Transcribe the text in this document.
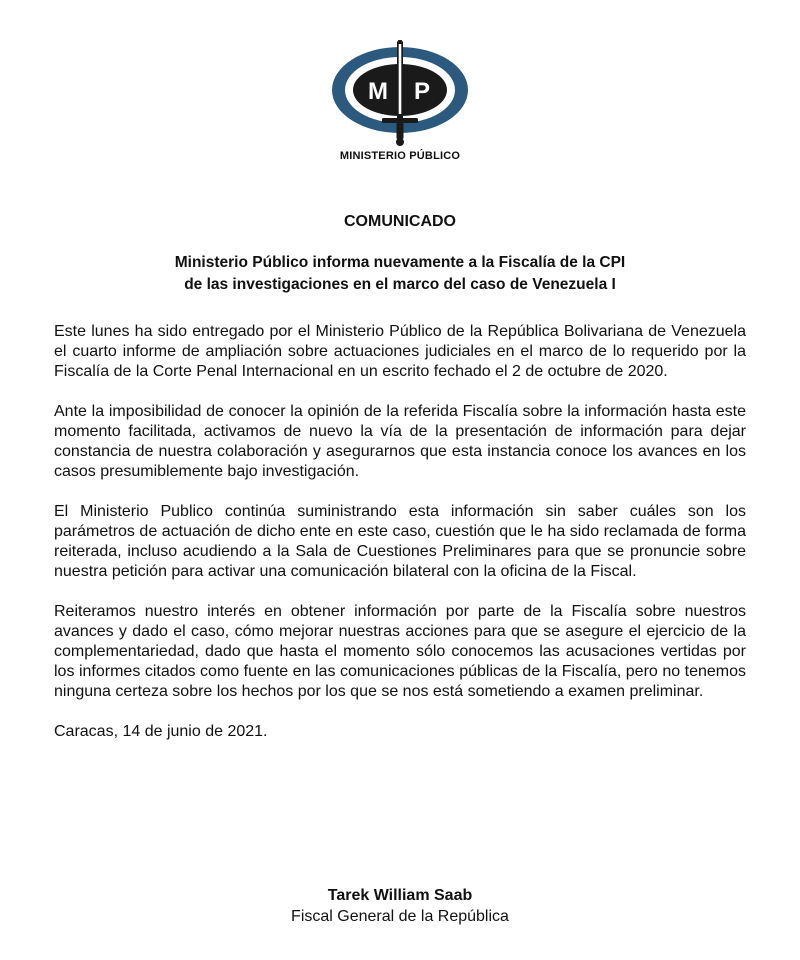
M P
MINISTERIO PÚBLICO
COMUNICADO
Ministerio Público informa nuevamente a la Fiscalía de la CPI
de las investigaciones en el marco del caso de Venezuela I

Este lunes ha sido entregado por el Ministerio Público de la República Bolivariana de Venezuela el cuarto informe de ampliación sobre actuaciones judiciales en el marco de lo requerido por la Fiscalía de la Corte Penal Internacional en un escrito fechado el 2 de octubre de 2020.

Ante la imposibilidad de conocer la opinión de la referida Fiscalía sobre la información hasta este momento facilitada, activamos de nuevo la vía de la presentación de información para dejar constancia de nuestra colaboración y asegurarnos que esta instancia conoce los avances en los casos presumiblemente bajo investigación.

El Ministerio Publico continúa suministrando esta información sin saber cuáles son los parámetros de actuación de dicho ente en este caso, cuestión que le ha sido reclamada de forma reiterada, incluso acudiendo a la Sala de Cuestiones Preliminares para que se pronuncie sobre nuestra petición para activar una comunicación bilateral con la oficina de la Fiscal.

Reiteramos nuestro interés en obtener información por parte de la Fiscalía sobre nuestros avances y dado el caso, cómo mejorar nuestras acciones para que se asegure el ejercicio de la complementariedad, dado que hasta el momento sólo conocemos las acusaciones vertidas por los informes citados como fuente en las comunicaciones públicas de la Fiscalía, pero no tenemos ninguna certeza sobre los hechos por los que se nos está sometiendo a examen preliminar.

Caracas, 14 de junio de 2021.

Tarek William Saab
Fiscal General de la República
